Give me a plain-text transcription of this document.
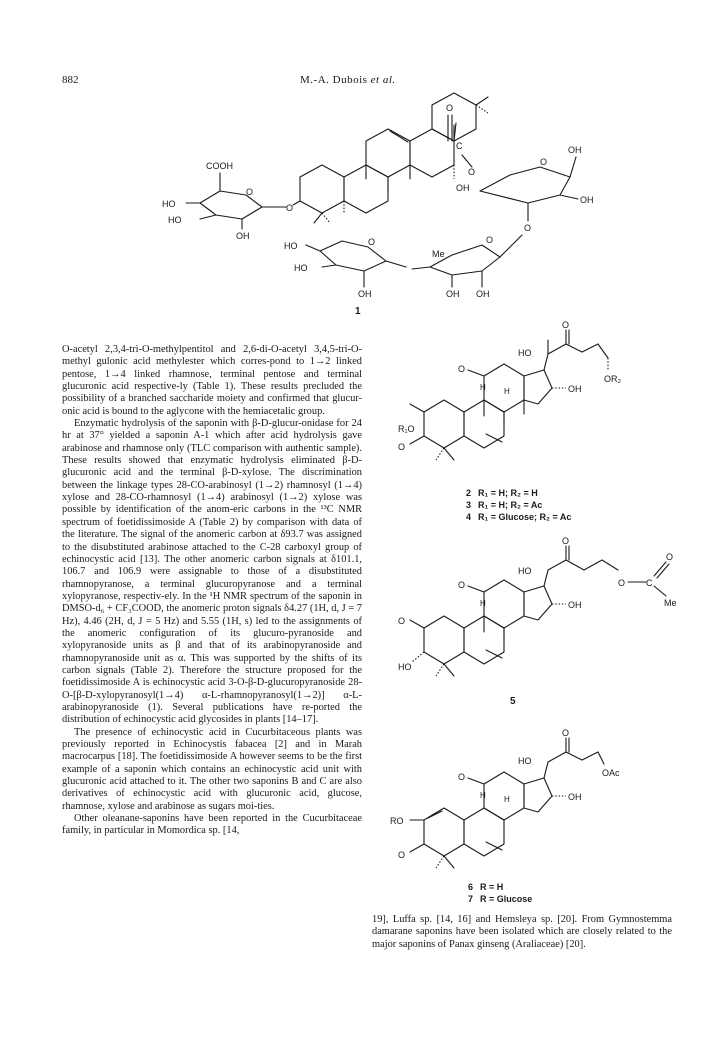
882	M.-A. Dubois et al.
OH
O
C
O
O
OH
OH
O
O
COOH
HO
HO
OH
O
O
Me
OH OH
O
HO
HO
OH
1
O
H H
R₁O
O
OH
HO
O
OR₂
2 R₁ = H; R₂ = H
3 R₁ = H; R₂ = Ac
4 R₁ = Glucose; R₂ = Ac
O
H
O
HO
OH
HO
O
O C
O
Me
5
O
H H
RO
O
OH
HO
O
OAc
6 R = H
7 R = Glucose

O-acetyl 2,3,4-tri-O-methylpentitol and 2,6-di-O-acetyl 3,4,5-tri-O-methyl gulonic acid methylester which corres-pond to 1→2 linked pentose, 1→4 linked rhamnose, terminal pentose and terminal glucuronic acid respective-ly (Table 1). These results precluded the possibility of a branched saccharide moiety and confirmed that glucur-onic acid is bound to the aglycone with the hemiacetalic group.

Enzymatic hydrolysis of the saponin with β-D-glucur-onidase for 24 hr at 37° yielded a saponin A-1 which after acid hydrolysis gave arabinose and rhamnose only (TLC comparison with authentic sample). These results showed that enzymatic hydrolysis eliminated β-D-glucuronic acid and the terminal β-D-xylose. The discrimination between the linkage types 28-CO-arabinosyl (1→2) rhamnosyl (1→4) xylose and 28-CO-rhamnosyl (1→4) arabinosyl (1→2) xylose was possible by identification of the anom-eric carbons in the ¹³C NMR spectrum of foetidissimoside A (Table 2) by comparison with data of the literature. The signal of the anomeric carbon at δ93.7 was assigned to the disubstituted arabinose attached to the C-28 carboxyl group of echinocystic acid [13]. The other anomeric carbon signals at δ101.1, 106.7 and 106.9 were assignable to those of a disubstituted rhamnopyranose, a terminal glucuropyranose and a terminal xylopyranose, respectiv-ely. In the ¹H NMR spectrum of the saponin in DMSO-d₆ + CF₃COOD, the anomeric proton signals δ4.27 (1H, d, J = 7 Hz), 4.46 (2H, d, J = 5 Hz) and 5.55 (1H, s) led to the assignments of the anomeric configuration of its glucuro-pyranoside and xylopyranoside units as β and that of its arabinopyranoside and rhamnopyranoside unit as α. This was supported by the shifts of its carbon signals (Table 2). Therefore the structure proposed for the foetidissimoside A is echinocystic acid 3-O-β-D-glucuropyranoside 28-O-[β-D-xylopyranosyl(1→4) α-L-rhamnopyranosyl(1→2)] α-L-arabinopyranoside (1). Several publications have re-ported the distribution of echinocystic acid glycosides in plants [14–17].

The presence of echinocystic acid in Cucurbitaceous plants was previously reported in Echinocystis fabacea [2] and in Marah macrocarpus [18]. The foetidissimoside A however seems to be the first example of a saponin which contains an echinocystic acid unit with glucuronic acid attached to it. The other two saponins B and C are also derivatives of echinocystic acid with glucuronic acid, glucose, rhamnose, xylose and arabinose as sugars moi-ties.

Other oleanane-saponins have been reported in the Cucurbitaceae family, in particular in Momordica sp. [14,

19], Luffa sp. [14, 16] and Hemsleya sp. [20]. From Gymnostemma damarane saponins have been isolated which are closely related to the major saponins of Panax ginseng (Araliaceae) [20].
